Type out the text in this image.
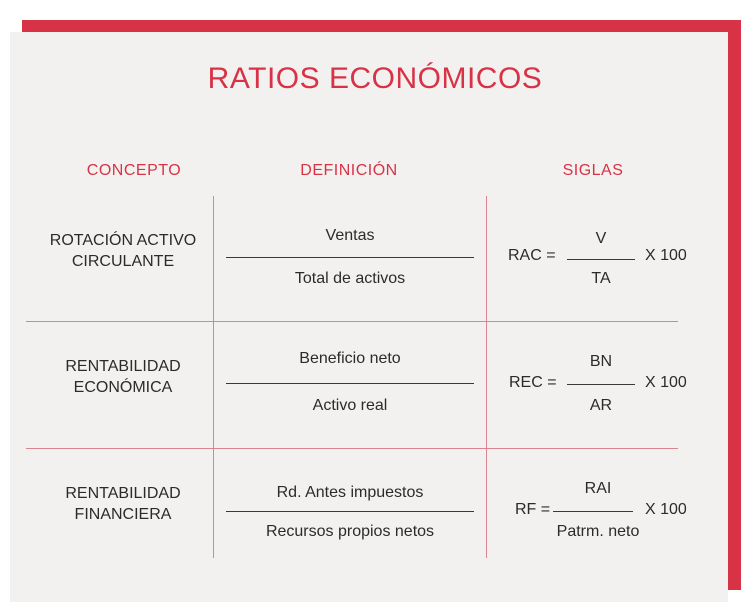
RATIOS ECONÓMICOS
CONCEPTO	DEFINICIÓN	SIGLAS
ROTACIÓN ACTIVO
CIRCULANTE
Ventas
Total de activos
RAC =
V
TA
X 100
RENTABILIDAD
ECONÓMICA
Beneficio neto
Activo real
REC =
BN
AR
X 100
RENTABILIDAD
FINANCIERA
Rd. Antes impuestos
Recursos propios netos
RF =
RAI
Patrm. neto
X 100
